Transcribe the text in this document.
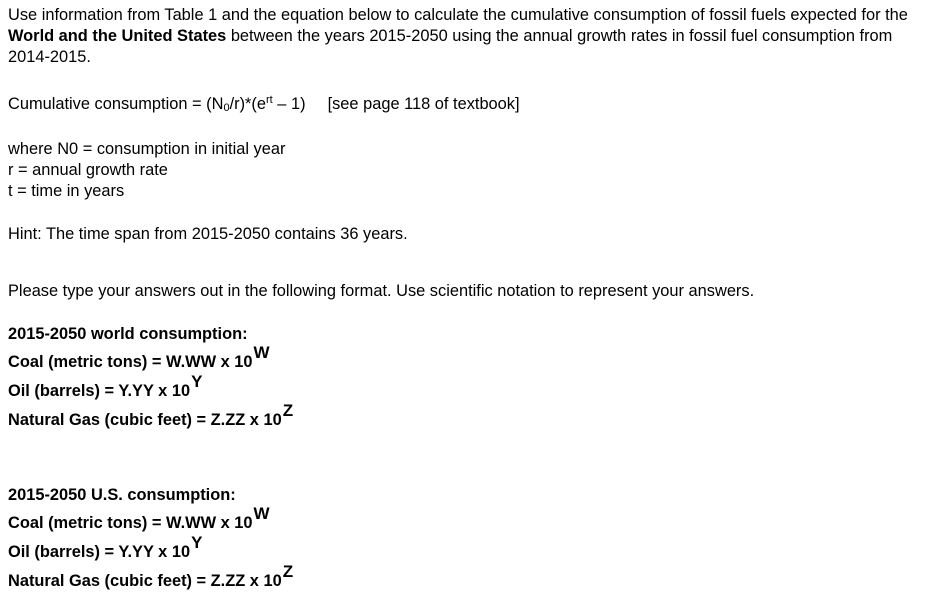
Use information from Table 1 and the equation below to calculate the cumulative consumption of fossil fuels expected for the World and the United States between the years 2015-2050 using the annual growth rates in fossil fuel consumption from 2014-2015.

Cumulative consumption = $(N_0/r)*(e^{rt} - 1)$ [see page 118 of textbook]
where N0 = consumption in initial year
r = annual growth rate
t = time in years
Hint: The time span from 2015-2050 contains 36 years.
Please type your answers out in the following format. Use scientific notation to represent your answers.
2015-2050 world consumption:
Coal (metric tons) = W.WW x $10^W$
Oil (barrels) = Y.YY x $10^Y$
Natural Gas (cubic feet) = Z.ZZ x $10^Z$
2015-2050 U.S. consumption:
Coal (metric tons) = W.WW x $10^W$
Oil (barrels) = Y.YY x $10^Y$
Natural Gas (cubic feet) = Z.ZZ x $10^Z$
